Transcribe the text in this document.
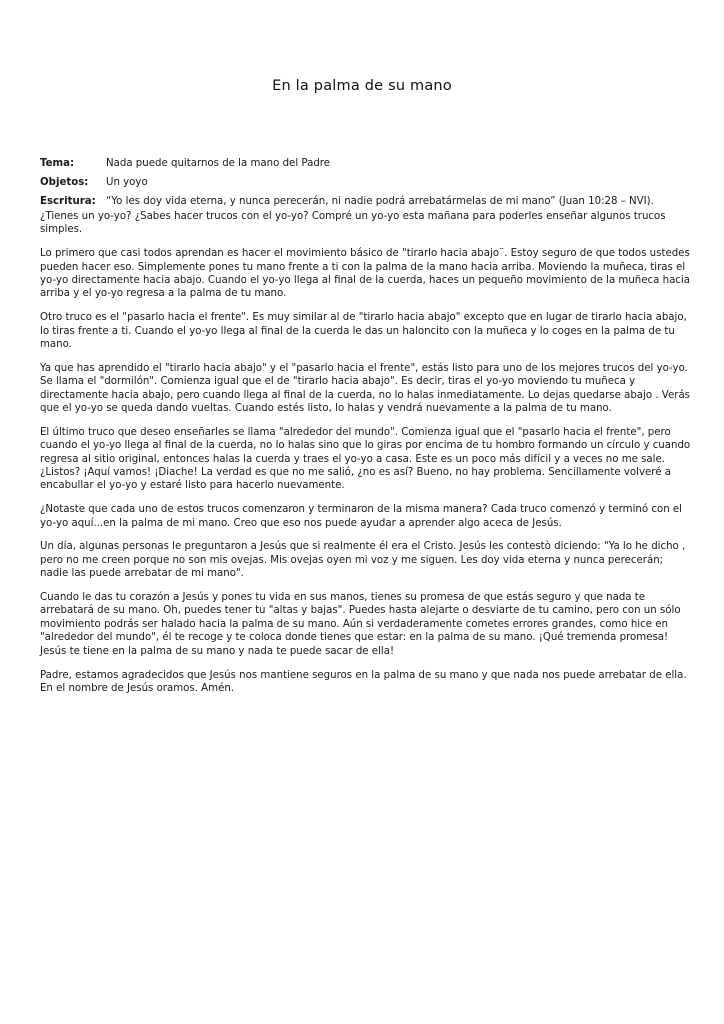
En la palma de su mano
Tema:	Nada puede quitarnos de la mano del Padre
Objetos:	Un yoyo
Escritura:	“Yo les doy vida eterna, y nunca perecerán, ni nadie podrá arrebatármelas de mi mano” (Juan 10:28 – NVI).

¿Tienes un yo-yo? ¿Sabes hacer trucos con el yo-yo? Compré un yo-yo esta mañana para poderles enseñar algunos trucos simples.

Lo primero que casi todos aprendan es hacer el movimiento básico de "tirarlo hacia abajo¨. Estoy seguro de que todos ustedes pueden hacer eso. Simplemente pones tu mano frente a ti con la palma de la mano hacia arriba. Moviendo la muñeca, tiras el yo-yo directamente hacia abajo. Cuando el yo-yo llega al final de la cuerda, haces un pequeño movimiento de la muñeca hacia arriba y el yo-yo regresa a la palma de tu mano.

Otro truco es el "pasarlo hacia el frente". Es muy similar al de "tirarlo hacia abajo" excepto que en lugar de tirarlo hacia abajo, lo tiras frente a ti. Cuando el yo-yo llega al final de la cuerda le das un haloncito con la muñeca y lo coges en la palma de tu mano.

Ya que has aprendido el "tirarlo hacia abajo" y el "pasarlo hacia el frente", estás listo para uno de los mejores trucos del yo-yo. Se llama el "dormilón". Comienza igual que el de "tirarlo hacia abajo". Es decir, tiras el yo-yo moviendo tu muñeca y directamente hacia abajo, pero cuando llega al final de la cuerda, no lo halas inmediatamente. Lo dejas quedarse abajo . Verás que el yo-yo se queda dando vueltas. Cuando estés listo, lo halas y vendrá nuevamente a la palma de tu mano.

El último truco que deseo enseñarles se llama "alrededor del mundo". Comienza igual que el "pasarlo hacia el frente", pero cuando el yo-yo llega al final de la cuerda, no lo halas sino que lo giras por encima de tu hombro formando un círculo y cuando regresa al sitio original, entonces halas la cuerda y traes el yo-yo a casa. Este es un poco más difícil y a veces no me sale. ¿Listos? ¡Aquí vamos! ¡Diache! La verdad es que no me salió, ¿no es así? Bueno, no hay problema. Sencillamente volveré a encabullar el yo-yo y estaré listo para hacerlo nuevamente.

¿Notaste que cada uno de estos trucos comenzaron y terminaron de la misma manera? Cada truco comenzó y terminó con el yo-yo aquí...en la palma de mi mano. Creo que eso nos puede ayudar a aprender algo aceca de Jesús.

Un día, algunas personas le preguntaron a Jesús que si realmente él era el Cristo. Jesús les contestò diciendo: "Ya lo he dicho , pero no me creen porque no son mis ovejas. Mis ovejas oyen mi voz y me siguen. Les doy vida eterna y nunca perecerán; nadie las puede arrebatar de mi mano".

Cuando le das tu corazón a Jesús y pones tu vida en sus manos, tienes su promesa de que estás seguro y que nada te arrebatará de su mano. Oh, puedes tener tu "altas y bajas". Puedes hasta alejarte o desviarte de tu camino, pero con un sólo movimiento podrás ser halado hacia la palma de su mano. Aún si verdaderamente cometes errores grandes, como hice en "alrededor del mundo", él te recoge y te coloca donde tienes que estar: en la palma de su mano. ¡Qué tremenda promesa! Jesús te tiene en la palma de su mano y nada te puede sacar de ella!

Padre, estamos agradecidos que Jesús nos mantiene seguros en la palma de su mano y que nada nos puede arrebatar de ella. En el nombre de Jesús oramos. Amén.
